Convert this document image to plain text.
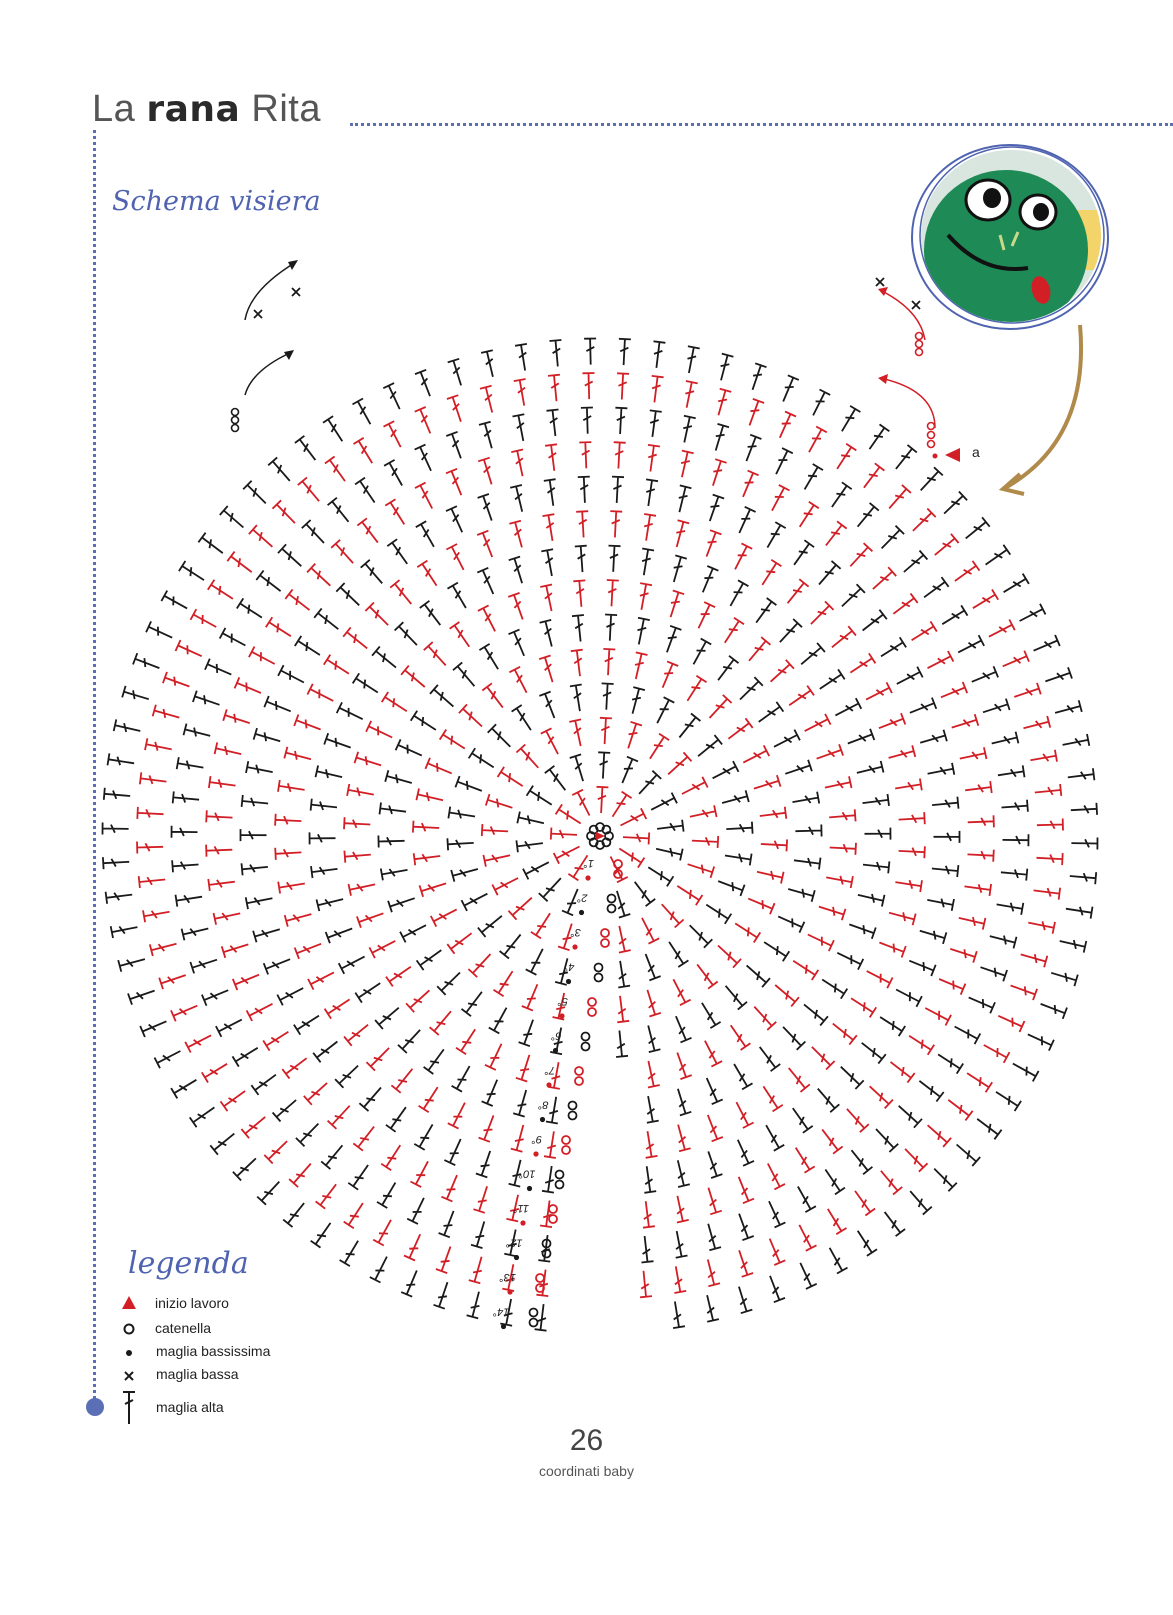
La rana Rita
Schema visiera
1°
2°
3°
4°
5°
6°
7°
8°
9°
10°
11°
12°
13°
14°
a
legenda
inizio lavoro
catenella
maglia bassissima
maglia bassa
maglia alta
26
coordinati baby
